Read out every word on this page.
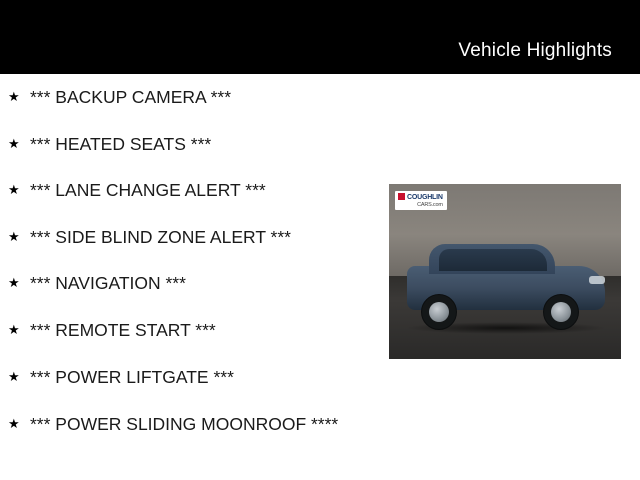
Vehicle Highlights
★ *** BACKUP CAMERA ***
★ *** HEATED SEATS ***
★ *** LANE CHANGE ALERT ***
★ *** SIDE BLIND ZONE ALERT ***
★ *** NAVIGATION ***
★ *** REMOTE START ***
★ *** POWER LIFTGATE ***
★ *** POWER SLIDING MOONROOF ****
COUGHLIN
CARS.com
